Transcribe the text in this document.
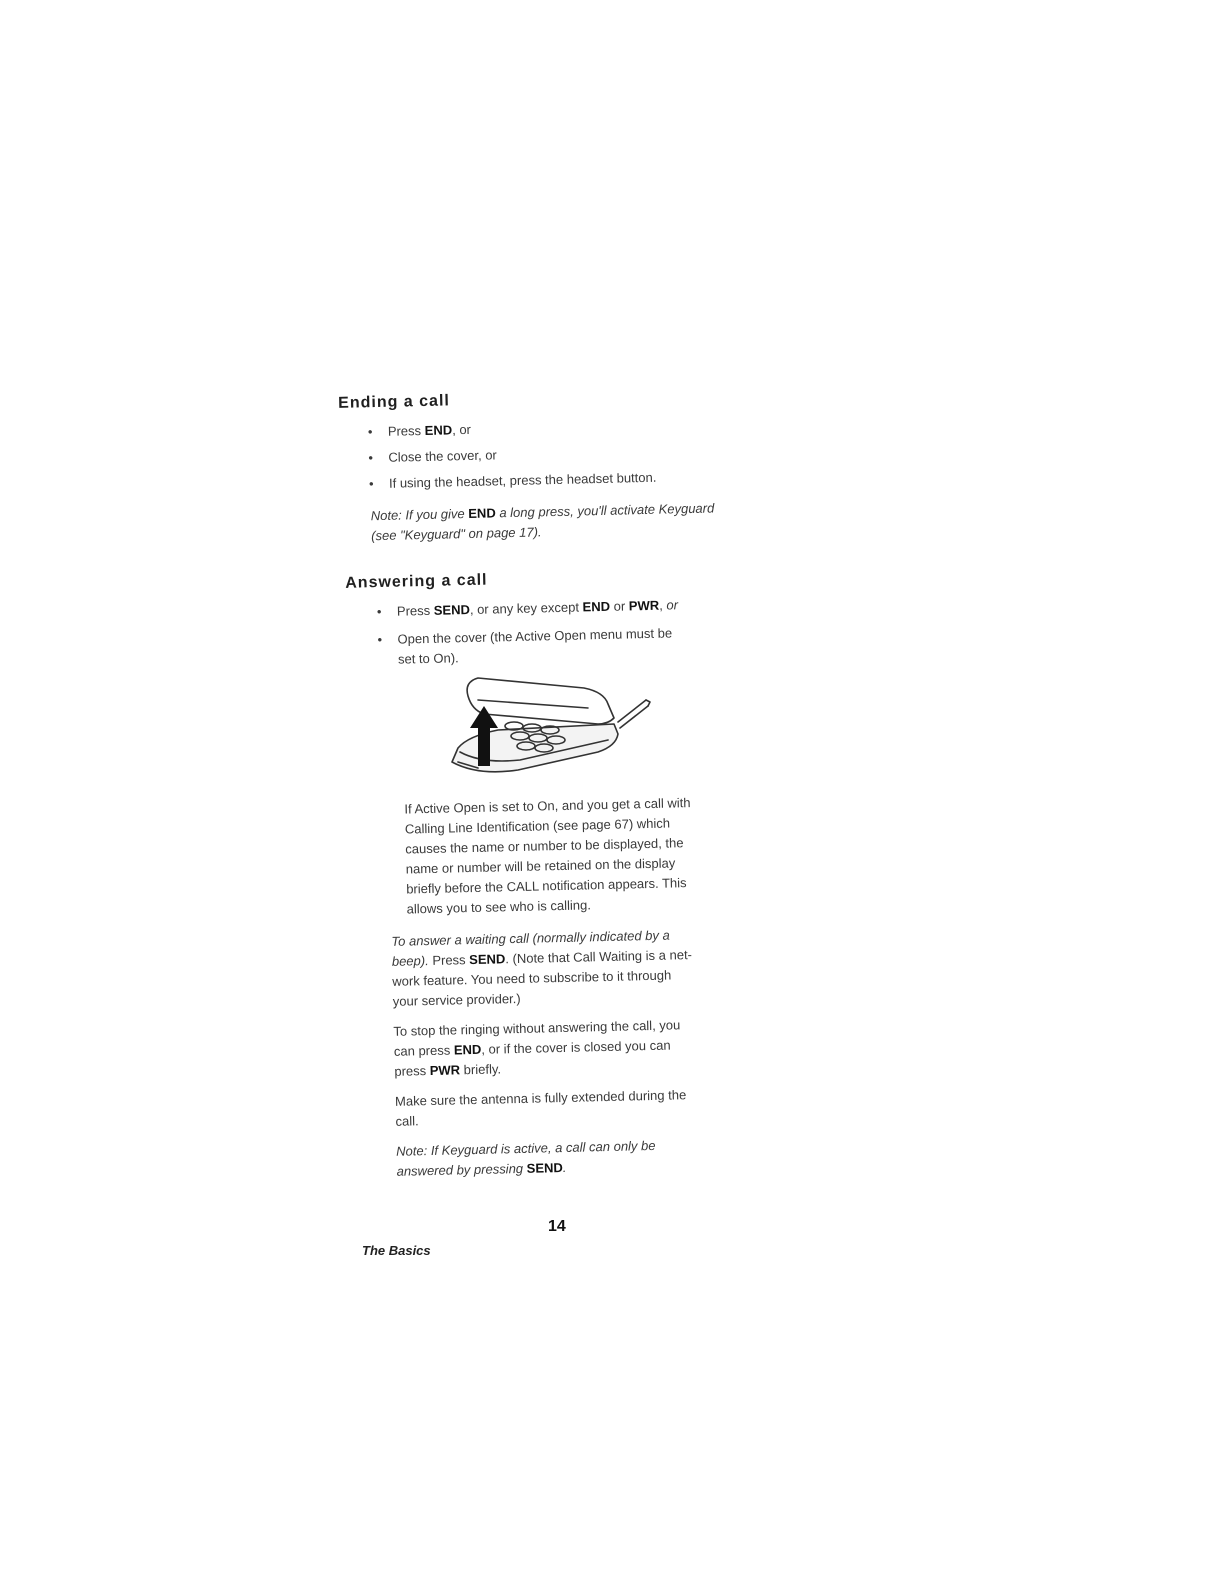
Ending a call
• Press END, or
• Close the cover, or
• If using the headset, press the headset button.
Note: If you give END a long press, you'll activate Keyguard (see "Keyguard" on page 17).
Answering a call
• Press SEND, or any key except END or PWR, or
• Open the cover (the Active Open menu must be
set to On).
If Active Open is set to On, and you get a call with
Calling Line Identification (see page 67) which
causes the name or number to be displayed, the
name or number will be retained on the display
briefly before the CALL notification appears. This
allows you to see who is calling.
To answer a waiting call (normally indicated by a
beep). Press SEND. (Note that Call Waiting is a net-
work feature. You need to subscribe to it through
your service provider.)
To stop the ringing without answering the call, you
can press END, or if the cover is closed you can
press PWR briefly.
Make sure the antenna is fully extended during the
call.
Note: If Keyguard is active, a call can only be
answered by pressing SEND.
14
The Basics
